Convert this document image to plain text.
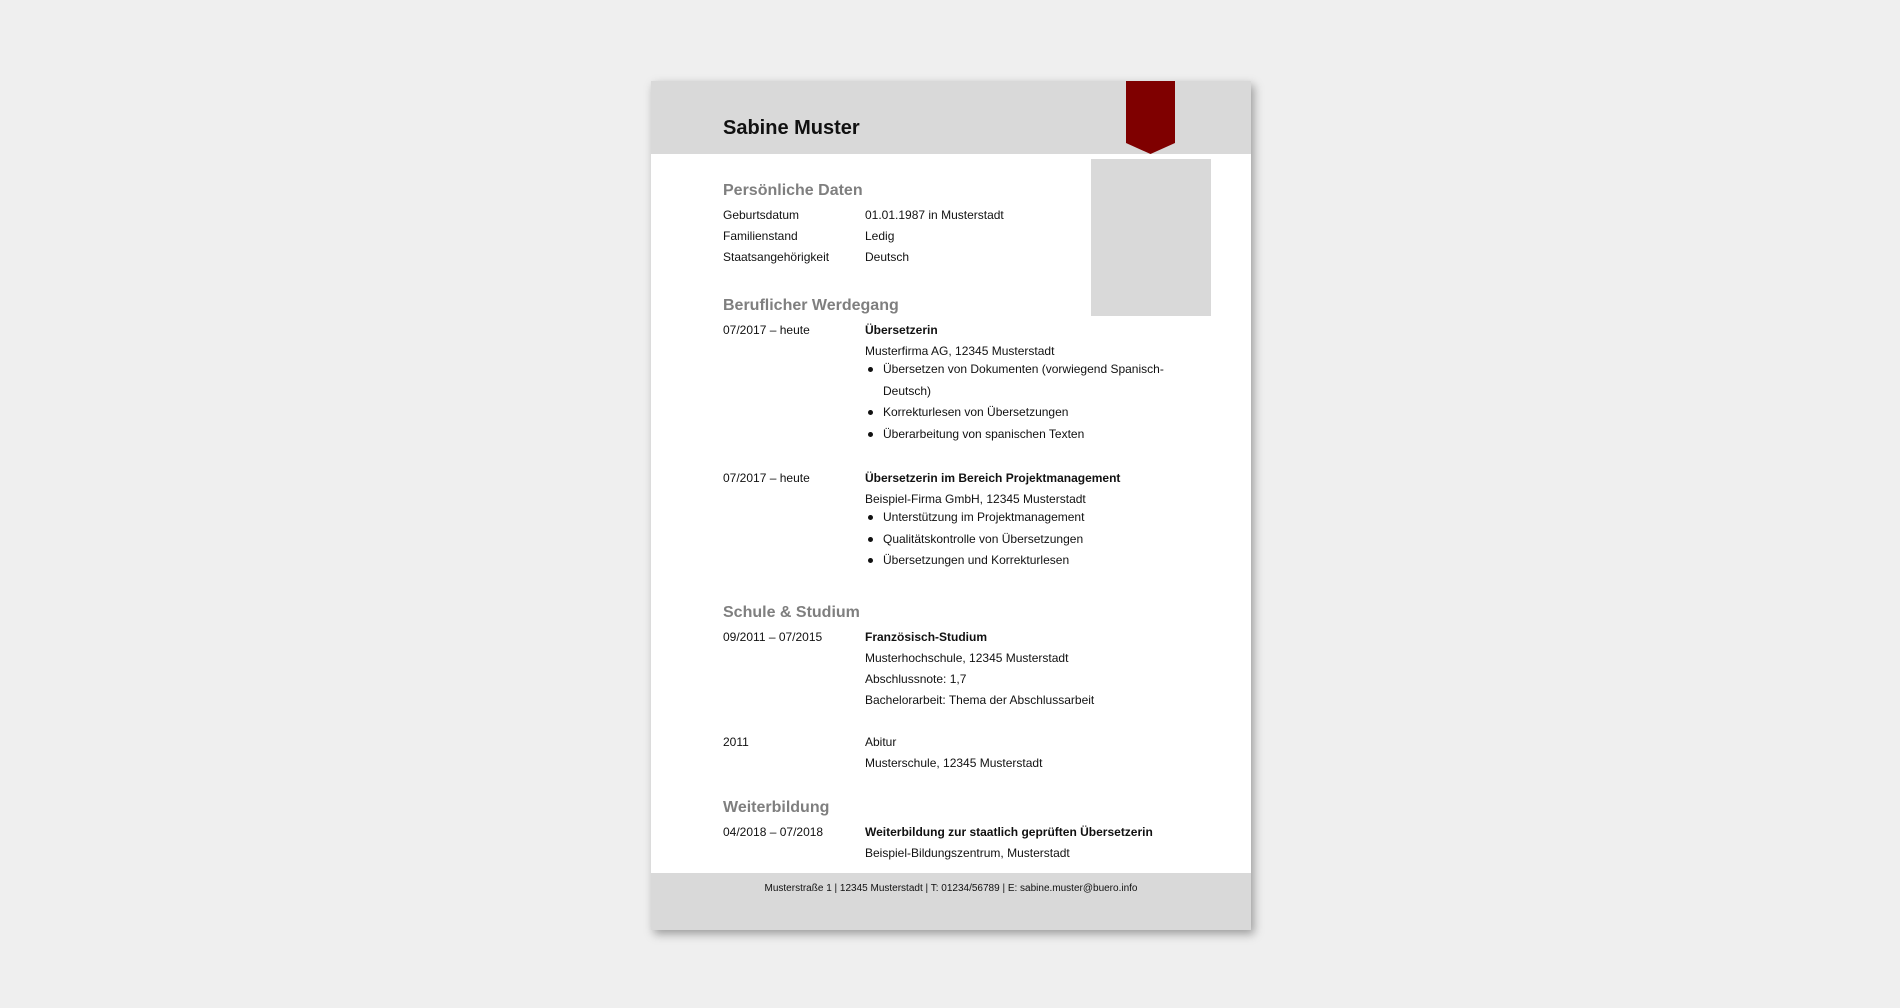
Sabine Muster
Persönliche Daten
Geburtsdatum	01.01.1987 in Musterstadt
Familienstand	Ledig
Staatsangehörigkeit	Deutsch
Beruflicher Werdegang
07/2017 – heute	Übersetzerin
Musterfirma AG, 12345 Musterstadt
Übersetzen von Dokumenten (vorwiegend Spanisch-Deutsch)
Korrekturlesen von Übersetzungen
Überarbeitung von spanischen Texten
07/2017 – heute	Übersetzerin im Bereich Projektmanagement
Beispiel-Firma GmbH, 12345 Musterstadt
Unterstützung im Projektmanagement
Qualitätskontrolle von Übersetzungen
Übersetzungen und Korrekturlesen
Schule & Studium
09/2011 – 07/2015	Französisch-Studium
Musterhochschule, 12345 Musterstadt
Abschlussnote: 1,7
Bachelorarbeit: Thema der Abschlussarbeit
2011	Abitur
Musterschule, 12345 Musterstadt
Weiterbildung
04/2018 – 07/2018	Weiterbildung zur staatlich geprüften Übersetzerin
Beispiel-Bildungszentrum, Musterstadt
Musterstraße 1 | 12345 Musterstadt | T: 01234/56789 | E: sabine.muster@buero.info
